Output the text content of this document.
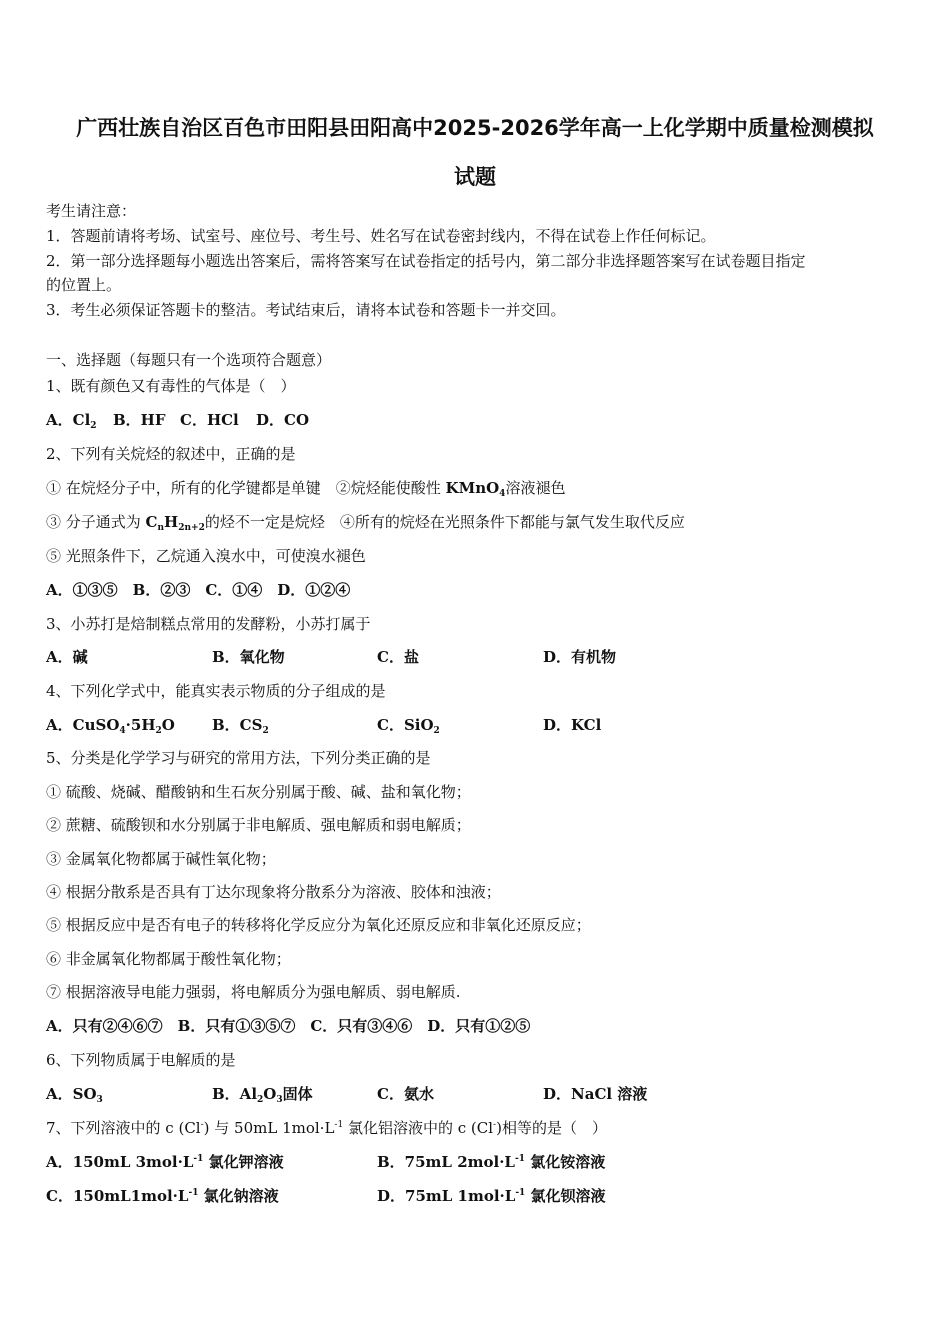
广西壮族自治区百色市田阳县田阳高中2025-2026学年高一上化学期中质量检测模拟
试题
考生请注意：
1．答题前请将考场、试室号、座位号、考生号、姓名写在试卷密封线内，不得在试卷上作任何标记。
2．第一部分选择题每小题选出答案后，需将答案写在试卷指定的括号内，第二部分非选择题答案写在试卷题目指定
的位置上。
3．考生必须保证答题卡的整洁。考试结束后，请将本试卷和答题卡一并交回。
一、选择题（每题只有一个选项符合题意）
1、既有颜色又有毒性的气体是（　）
A．$Cl_2$ B．HF C．HCl D．CO
2、下列有关烷烃的叙述中，正确的是
① 在烷烃分子中，所有的化学键都是单键　②烷烃能使酸性 KMnO$_4$溶液褪色
③ 分子通式为 $C_nH_{2n+2}$的烃不一定是烷烃　④所有的烷烃在光照条件下都能与氯气发生取代反应
⑤ 光照条件下，乙烷通入溴水中，可使溴水褪色
A．①③⑤　B．②③　C．①④　D．①②④
3、小苏打是焙制糕点常用的发酵粉，小苏打属于
A．碱	B．氧化物	C．盐	D．有机物
4、下列化学式中，能真实表示物质的分子组成的是
A．$CuSO_4\cdot 5H_2O$ B．$CS_2$	C．SiO$_2$	D．KCl
5、分类是化学学习与研究的常用方法，下列分类正确的是
① 硫酸、烧碱、醋酸钠和生石灰分别属于酸、碱、盐和氧化物；
② 蔗糖、硫酸钡和水分别属于非电解质、强电解质和弱电解质；
③ 金属氧化物都属于碱性氧化物；
④ 根据分散系是否具有丁达尔现象将分散系分为溶液、胶体和浊液；
⑤ 根据反应中是否有电子的转移将化学反应分为氧化还原反应和非氧化还原反应；
⑥ 非金属氧化物都属于酸性氧化物；
⑦ 根据溶液导电能力强弱，将电解质分为强电解质、弱电解质.
A．只有②④⑥⑦　B．只有①③⑤⑦　C．只有③④⑥　D．只有①②⑤
6、下列物质属于电解质的是
A．$SO_3$	B．$Al_2O_3$固体	C．氨水	D．NaCl 溶液
7、下列溶液中的 c (Cl-) 与 50mL $1mol\cdot L^{-1}$ 氯化铝溶液中的 c (Cl-)相等的是（　）
A．150mL $3mol\cdot L^{-1}$ 氯化钾溶液	B．75mL $2mol\cdot L^{-1}$ 氯化铵溶液
C．$150mL1mol\cdot L^{-1}$ 氯化钠溶液	D．75mL $1mol\cdot L^{-1}$ 氯化钡溶液
